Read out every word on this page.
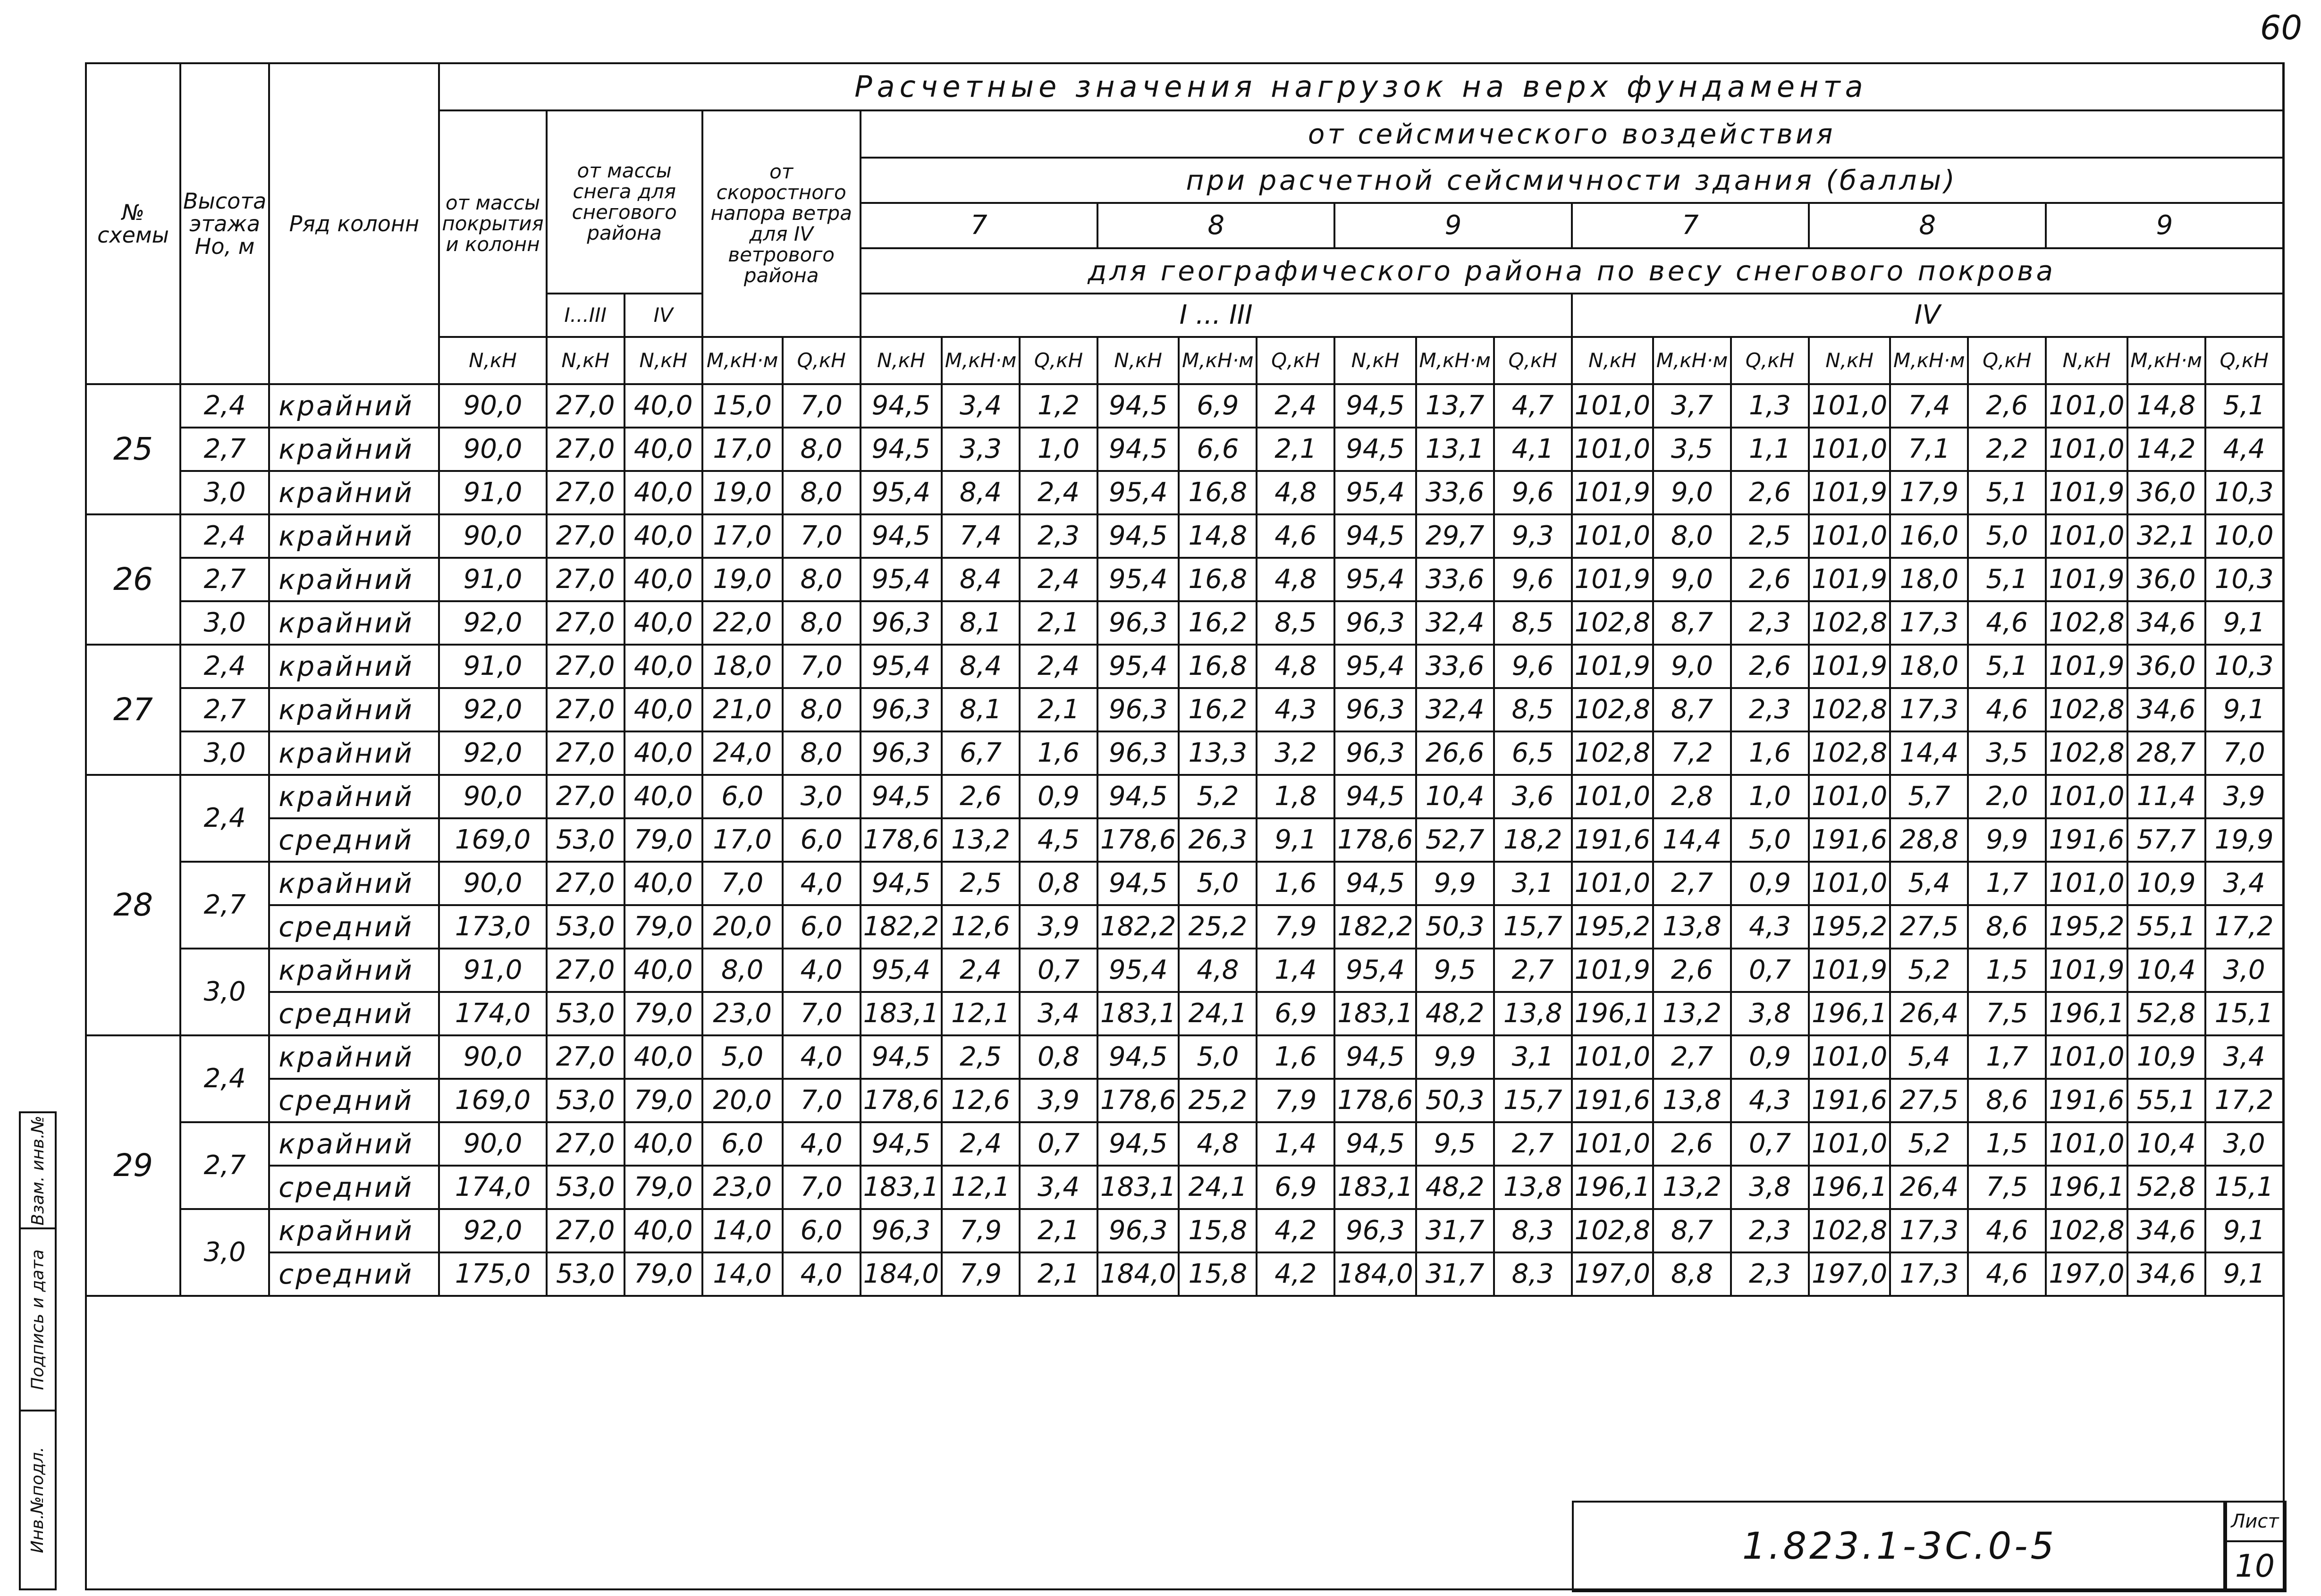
60
№ схемы	Высота этажа Но, м	Ряд колонн	Расчетные значения нагрузок на верх фундамента																						
			от массы покрытия и колонн	от массы снега для снегового района		от скоростного напора ветра для IV ветрового района		от сейсмического воздействия																	
								при расчетной сейсмичности здания (баллы)																	
								7			8			9			7			8			9		
								для географического района по весу снегового покрова																	
				I...III	IV			I ... III									IV								
			N,кН	N,кН	N,кН	М,кН·м	Q,кН	N,кН	М,кН·м	Q,кН	N,кН	М,кН·м	Q,кН	N,кН	М,кН·м	Q,кН	N,кН	М,кН·м	Q,кН	N,кН	М,кН·м	Q,кН	N,кН	М,кН·м	Q,кН
25	2,4	крайний	90,0	27,0	40,0	15,0	7,0	94,5	3,4	1,2	94,5	6,9	2,4	94,5	13,7	4,7	101,0	3,7	1,3	101,0	7,4	2,6	101,0	14,8	5,1
	2,7	крайний	90,0	27,0	40,0	17,0	8,0	94,5	3,3	1,0	94,5	6,6	2,1	94,5	13,1	4,1	101,0	3,5	1,1	101,0	7,1	2,2	101,0	14,2	4,4
	3,0	крайний	91,0	27,0	40,0	19,0	8,0	95,4	8,4	2,4	95,4	16,8	4,8	95,4	33,6	9,6	101,9	9,0	2,6	101,9	17,9	5,1	101,9	36,0	10,3
26	2,4	крайний	90,0	27,0	40,0	17,0	7,0	94,5	7,4	2,3	94,5	14,8	4,6	94,5	29,7	9,3	101,0	8,0	2,5	101,0	16,0	5,0	101,0	32,1	10,0
	2,7	крайний	91,0	27,0	40,0	19,0	8,0	95,4	8,4	2,4	95,4	16,8	4,8	95,4	33,6	9,6	101,9	9,0	2,6	101,9	18,0	5,1	101,9	36,0	10,3
	3,0	крайний	92,0	27,0	40,0	22,0	8,0	96,3	8,1	2,1	96,3	16,2	8,5	96,3	32,4	8,5	102,8	8,7	2,3	102,8	17,3	4,6	102,8	34,6	9,1
27	2,4	крайний	91,0	27,0	40,0	18,0	7,0	95,4	8,4	2,4	95,4	16,8	4,8	95,4	33,6	9,6	101,9	9,0	2,6	101,9	18,0	5,1	101,9	36,0	10,3
	2,7	крайний	92,0	27,0	40,0	21,0	8,0	96,3	8,1	2,1	96,3	16,2	4,3	96,3	32,4	8,5	102,8	8,7	2,3	102,8	17,3	4,6	102,8	34,6	9,1
	3,0	крайний	92,0	27,0	40,0	24,0	8,0	96,3	6,7	1,6	96,3	13,3	3,2	96,3	26,6	6,5	102,8	7,2	1,6	102,8	14,4	3,5	102,8	28,7	7,0
28	2,4	крайний	90,0	27,0	40,0	6,0	3,0	94,5	2,6	0,9	94,5	5,2	1,8	94,5	10,4	3,6	101,0	2,8	1,0	101,0	5,7	2,0	101,0	11,4	3,9
		средний	169,0	53,0	79,0	17,0	6,0	178,6	13,2	4,5	178,6	26,3	9,1	178,6	52,7	18,2	191,6	14,4	5,0	191,6	28,8	9,9	191,6	57,7	19,9
	2,7	крайний	90,0	27,0	40,0	7,0	4,0	94,5	2,5	0,8	94,5	5,0	1,6	94,5	9,9	3,1	101,0	2,7	0,9	101,0	5,4	1,7	101,0	10,9	3,4
		средний	173,0	53,0	79,0	20,0	6,0	182,2	12,6	3,9	182,2	25,2	7,9	182,2	50,3	15,7	195,2	13,8	4,3	195,2	27,5	8,6	195,2	55,1	17,2
	3,0	крайний	91,0	27,0	40,0	8,0	4,0	95,4	2,4	0,7	95,4	4,8	1,4	95,4	9,5	2,7	101,9	2,6	0,7	101,9	5,2	1,5	101,9	10,4	3,0
		средний	174,0	53,0	79,0	23,0	7,0	183,1	12,1	3,4	183,1	24,1	6,9	183,1	48,2	13,8	196,1	13,2	3,8	196,1	26,4	7,5	196,1	52,8	15,1
29	2,4	крайний	90,0	27,0	40,0	5,0	4,0	94,5	2,5	0,8	94,5	5,0	1,6	94,5	9,9	3,1	101,0	2,7	0,9	101,0	5,4	1,7	101,0	10,9	3,4
		средний	169,0	53,0	79,0	20,0	7,0	178,6	12,6	3,9	178,6	25,2	7,9	178,6	50,3	15,7	191,6	13,8	4,3	191,6	27,5	8,6	191,6	55,1	17,2
	2,7	крайний	90,0	27,0	40,0	6,0	4,0	94,5	2,4	0,7	94,5	4,8	1,4	94,5	9,5	2,7	101,0	2,6	0,7	101,0	5,2	1,5	101,0	10,4	3,0
		средний	174,0	53,0	79,0	23,0	7,0	183,1	12,1	3,4	183,1	24,1	6,9	183,1	48,2	13,8	196,1	13,2	3,8	196,1	26,4	7,5	196,1	52,8	15,1
	3,0	крайний	92,0	27,0	40,0	14,0	6,0	96,3	7,9	2,1	96,3	15,8	4,2	96,3	31,7	8,3	102,8	8,7	2,3	102,8	17,3	4,6	102,8	34,6	9,1
		средний	175,0	53,0	79,0	14,0	4,0	184,0	7,9	2,1	184,0	15,8	4,2	184,0	31,7	8,3	197,0	8,8	2,3	197,0	17,3	4,6	197,0	34,6	9,1

Взам. инв.№
Подпись и дата
Инв.№подл.	1.823.1-3С.0-5
Лист
10
